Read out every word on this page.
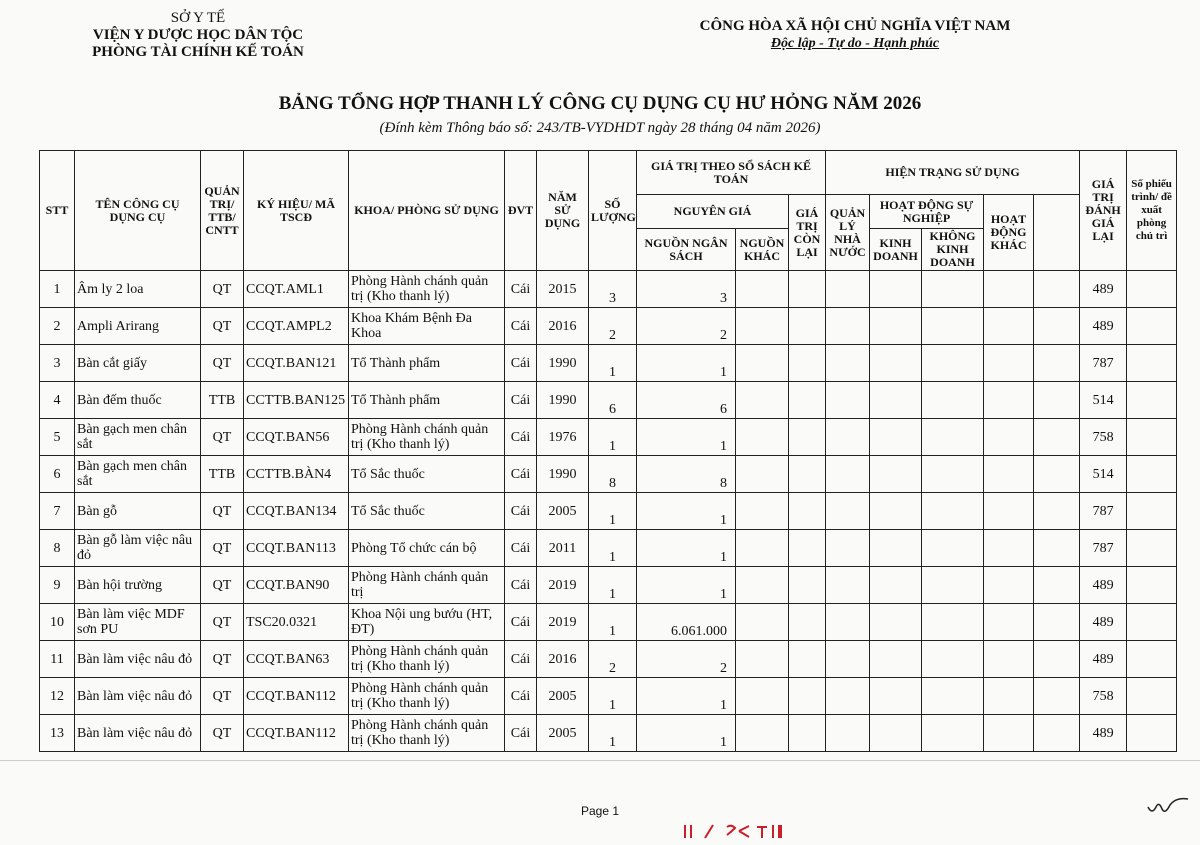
SỞ Y TẾ
VIỆN Y DƯỢC HỌC DÂN TỘC
PHÒNG TÀI CHÍNH KẾ TOÁN
CÔNG HÒA XÃ HỘI CHỦ NGHĨA VIỆT NAM
Độc lập - Tự do - Hạnh phúc
BẢNG TỔNG HỢP THANH LÝ CÔNG CỤ DỤNG CỤ HƯ HỎNG NĂM 2026
(Đính kèm Thông báo số: 243/TB-VYDHDT ngày 28 tháng 04 năm 2026)
STT	TÊN CÔNG CỤ DỤNG CỤ	QUẢN TRỊ/ TTB/ CNTT	KÝ HIỆU/ MÃ TSCĐ	KHOA/ PHÒNG SỬ DỤNG	ĐVT	NĂM SỬ DỤNG	SỐ LƯỢNG	GIÁ TRỊ THEO SỔ SÁCH KẾ TOÁN			HIỆN TRẠNG SỬ DỤNG					GIÁ TRỊ ĐÁNH GIÁ LẠI	Số phiếu trình/ đề xuất phòng chủ trì	
								NGUYÊN GIÁ		GIÁ TRỊ CÒN LẠI	QUẢN LÝ NHÀ NƯỚC	HOẠT ĐỘNG SỰ NGHIỆP		HOẠT ĐỘNG KHÁC				
								NGUỒN NGÂN SÁCH	NGUỒN KHÁC			KINH DOANH	KHÔNG KINH DOANH					
1	Âm ly 2 loa	QT	CCQT.AML1	Phòng Hành chánh quản trị (Kho thanh lý)	Cái	2015	3	3								489		
2	Ampli Arirang	QT	CCQT.AMPL2	Khoa Khám Bệnh Đa Khoa	Cái	2016	2	2								489		
3	Bàn cắt giấy	QT	CCQT.BAN121	Tổ Thành phẩm	Cái	1990	1	1								787		
4	Bàn đếm thuốc	TTB	CCTTB.BAN125	Tổ Thành phẩm	Cái	1990	6	6								514		
5	Bàn gạch men chân sắt	QT	CCQT.BAN56	Phòng Hành chánh quản trị (Kho thanh lý)	Cái	1976	1	1								758		
6	Bàn gạch men chân sắt	TTB	CCTTB.BÀN4	Tổ Sắc thuốc	Cái	1990	8	8								514		
7	Bàn gỗ	QT	CCQT.BAN134	Tổ Sắc thuốc	Cái	2005	1	1								787		
8	Bàn gỗ làm việc nâu đỏ	QT	CCQT.BAN113	Phòng Tổ chức cán bộ	Cái	2011	1	1								787		
9	Bàn hội trường	QT	CCQT.BAN90	Phòng Hành chánh quản trị	Cái	2019	1	1								489		
10	Bàn làm việc MDF sơn PU	QT	TSC20.0321	Khoa Nội ung bướu (HT, ĐT)	Cái	2019	1	6.061.000								489		
11	Bàn làm việc nâu đỏ	QT	CCQT.BAN63	Phòng Hành chánh quản trị (Kho thanh lý)	Cái	2016	2	2								489		
12	Bàn làm việc nâu đỏ	QT	CCQT.BAN112	Phòng Hành chánh quản trị (Kho thanh lý)	Cái	2005	1	1								758		
13	Bàn làm việc nâu đỏ	QT	CCQT.BAN112	Phòng Hành chánh quản trị (Kho thanh lý)	Cái	2005	1	1								489		
Page 1
